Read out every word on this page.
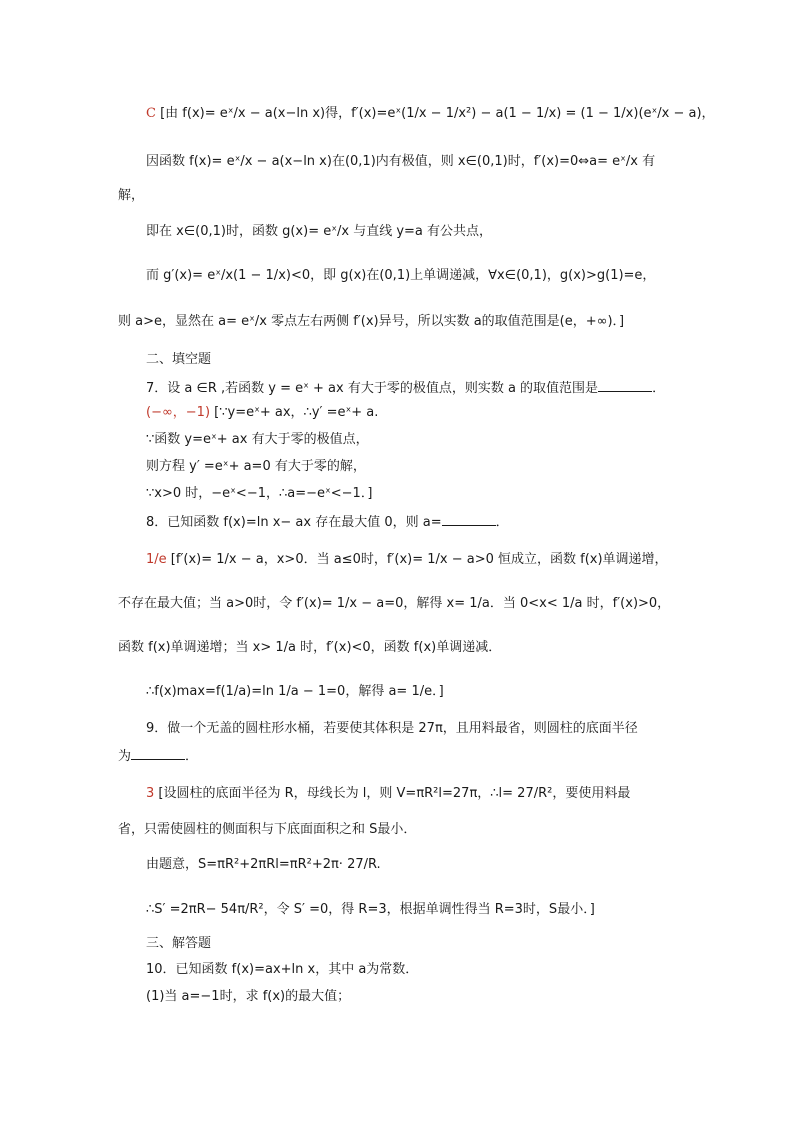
C [由 f(x)= eˣ/x − a(x−ln x)得，f′(x)=eˣ(1/x − 1/x²) − a(1 − 1/x) = (1 − 1/x)(eˣ/x − a)，
因函数 f(x)= eˣ/x − a(x−ln x)在(0,1)内有极值，则 x∈(0,1)时，f′(x)=0⇔a= eˣ/x 有
解，
即在 x∈(0,1)时，函数 g(x)= eˣ/x 与直线 y=a 有公共点，
而 g′(x)= eˣ/x(1 − 1/x)<0，即 g(x)在(0,1)上单调递减，∀x∈(0,1)，g(x)>g(1)=e，
则 a>e，显然在 a= eˣ/x 零点左右两侧 f′(x)异号，所以实数 a的取值范围是(e，+∞)．]
二、填空题
7．设 a ∈R ,若函数 y = eˣ + ax 有大于零的极值点，则实数 a 的取值范围是	．
(−∞，−1) [∵y=eˣ+ ax，∴y′ =eˣ+ a.
∵函数 y=eˣ+ ax 有大于零的极值点，
则方程 y′ =eˣ+ a=0 有大于零的解，
∵x>0 时，−eˣ<−1，∴a=−eˣ<−1．]
8．已知函数 f(x)=ln x− ax 存在最大值 0，则 a=	．
1/e [f′(x)= 1/x − a，x>0．当 a≤0时，f′(x)= 1/x − a>0 恒成立，函数 f(x)单调递增，
不存在最大值；当 a>0时，令 f′(x)= 1/x − a=0，解得 x= 1/a．当 0<x< 1/a 时，f′(x)>0，
函数 f(x)单调递增；当 x> 1/a 时，f′(x)<0，函数 f(x)单调递减．
∴f(x)max=f(1/a)=ln 1/a − 1=0，解得 a= 1/e．]
9．做一个无盖的圆柱形水桶，若要使其体积是 27π，且用料最省，则圆柱的底面半径
为	．
3 [设圆柱的底面半径为 R，母线长为 l，则 V=πR²l=27π，∴l= 27/R²，要使用料最
省，只需使圆柱的侧面积与下底面面积之和 S最小．
由题意，S=πR²+2πRl=πR²+2π· 27/R.
∴S′ =2πR− 54π/R²，令 S′ =0，得 R=3，根据单调性得当 R=3时，S最小．]
三、解答题
10．已知函数 f(x)=ax+ln x，其中 a为常数．
(1)当 a=−1时，求 f(x)的最大值；
